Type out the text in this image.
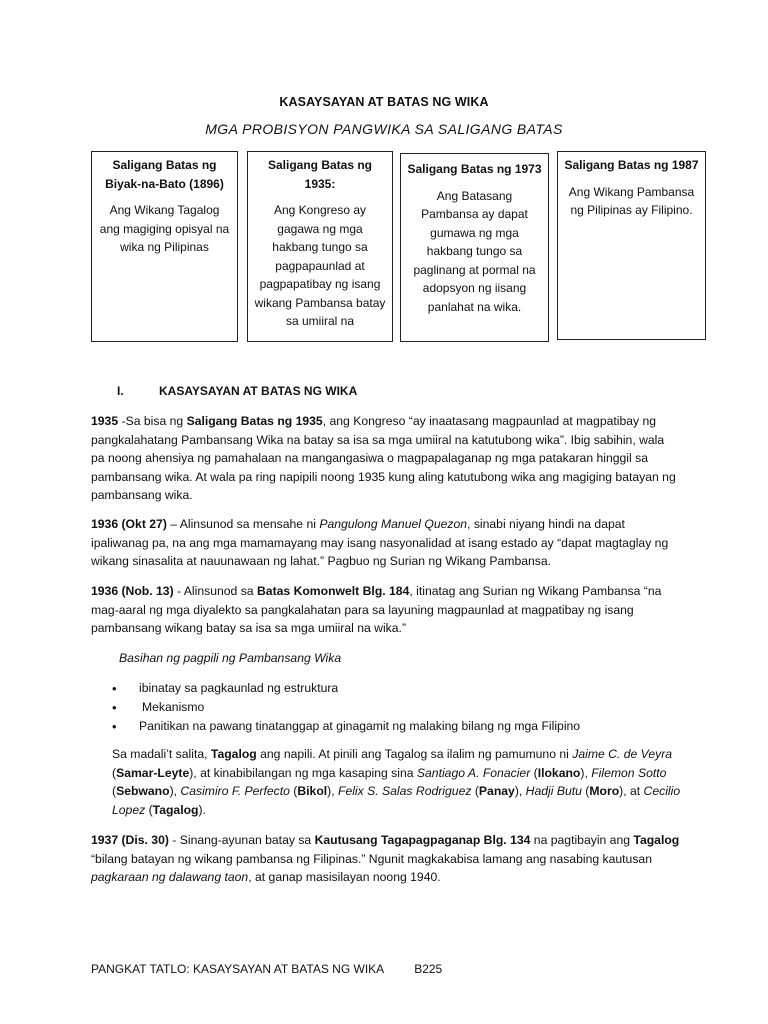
KASAYSAYAN AT BATAS NG WIKA
MGA PROBISYON PANGWIKA SA SALIGANG BATAS
Saligang Batas ng Biyak-na-Bato (1896)
Ang Wikang Tagalog ang magiging opisyal na wika ng Pilipinas
Saligang Batas ng 1935:
Ang Kongreso ay gagawa ng mga hakbang tungo sa pagpapaunlad at pagpapatibay ng isang wikang Pambansa batay sa umiiral na
Saligang Batas ng 1973
Ang Batasang Pambansa ay dapat gumawa ng mga hakbang tungo sa paglinang at pormal na adopsyon ng iisang panlahat na wika.
Saligang Batas ng 1987
Ang Wikang Pambansa ng Pilipinas ay Filipino.
I.	KASAYSAYAN AT BATAS NG WIKA
1935 -Sa bisa ng Saligang Batas ng 1935, ang Kongreso “ay inaatasang magpaunlad at magpatibay ng pangkalahatang Pambansang Wika na batay sa isa sa mga umiiral na katutubong wika”. Ibig sabihin, wala pa noong ahensiya ng pamahalaan na mangangasiwa o magpapalaganap ng mga patakaran hinggil sa pambansang wika. At wala pa ring napipili noong 1935 kung aling katutubong wika ang magiging batayan ng pambansang wika.
1936 (Okt 27) – Alinsunod sa mensahe ni Pangulong Manuel Quezon, sinabi niyang hindi na dapat ipaliwanag pa, na ang mga mamamayang may isang nasyonalidad at isang estado ay “dapat magtaglay ng wikang sinasalita at nauunawaan ng lahat.” Pagbuo ng Surian ng Wikang Pambansa.
1936 (Nob. 13) - Alinsunod sa Batas Komonwelt Blg. 184, itinatag ang Surian ng Wikang Pambansa “na mag-aaral ng mga diyalekto sa pangkalahatan para sa layuning magpaunlad at magpatibay ng isang pambansang wikang batay sa isa sa mga umiiral na wika.”
Basihan ng pagpili ng Pambansang Wika
• ibinatay sa pagkaunlad ng estruktura
• Mekanismo
• Panitikan na pawang tinatanggap at ginagamit ng malaking bilang ng mga Filipino
Sa madali’t salita, Tagalog ang napili. At pinili ang Tagalog sa ilalim ng pamumuno ni Jaime C. de Veyra (Samar-Leyte), at kinabibilangan ng mga kasaping sina Santiago A. Fonacier (Ilokano), Filemon Sotto (Sebwano), Casimiro F. Perfecto (Bikol), Felix S. Salas Rodriguez (Panay), Hadji Butu (Moro), at Cecilio Lopez (Tagalog).
1937 (Dis. 30) - Sinang-ayunan batay sa Kautusang Tagapagpaganap Blg. 134 na pagtibayin ang Tagalog “bilang batayan ng wikang pambansa ng Filipinas.” Ngunit magkakabisa lamang ang nasabing kautusan pagkaraan ng dalawang taon, at ganap masisilayan noong 1940.
PANGKAT TATLO: KASAYSAYAN AT BATAS NG WIKA	B225
